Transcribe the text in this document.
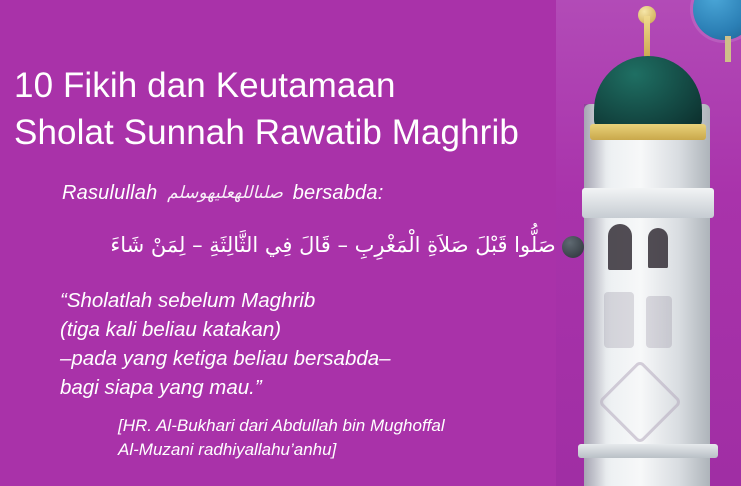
10 Fikih dan Keutamaan
Sholat Sunnah Rawatib Maghrib
Rasulullah صلىاللهعليهوسلم bersabda:
صَلُّوا قَبْلَ صَلاَةِ الْمَغْرِبِ – قَالَ فِي الثَّالِثَةِ – لِمَنْ شَاءَ
“Sholatlah sebelum Maghrib
(tiga kali beliau katakan)
–pada yang ketiga beliau bersabda–
bagi siapa yang mau.”
[HR. Al-Bukhari dari Abdullah bin Mughoffal
Al-Muzani radhiyallahu’anhu]
